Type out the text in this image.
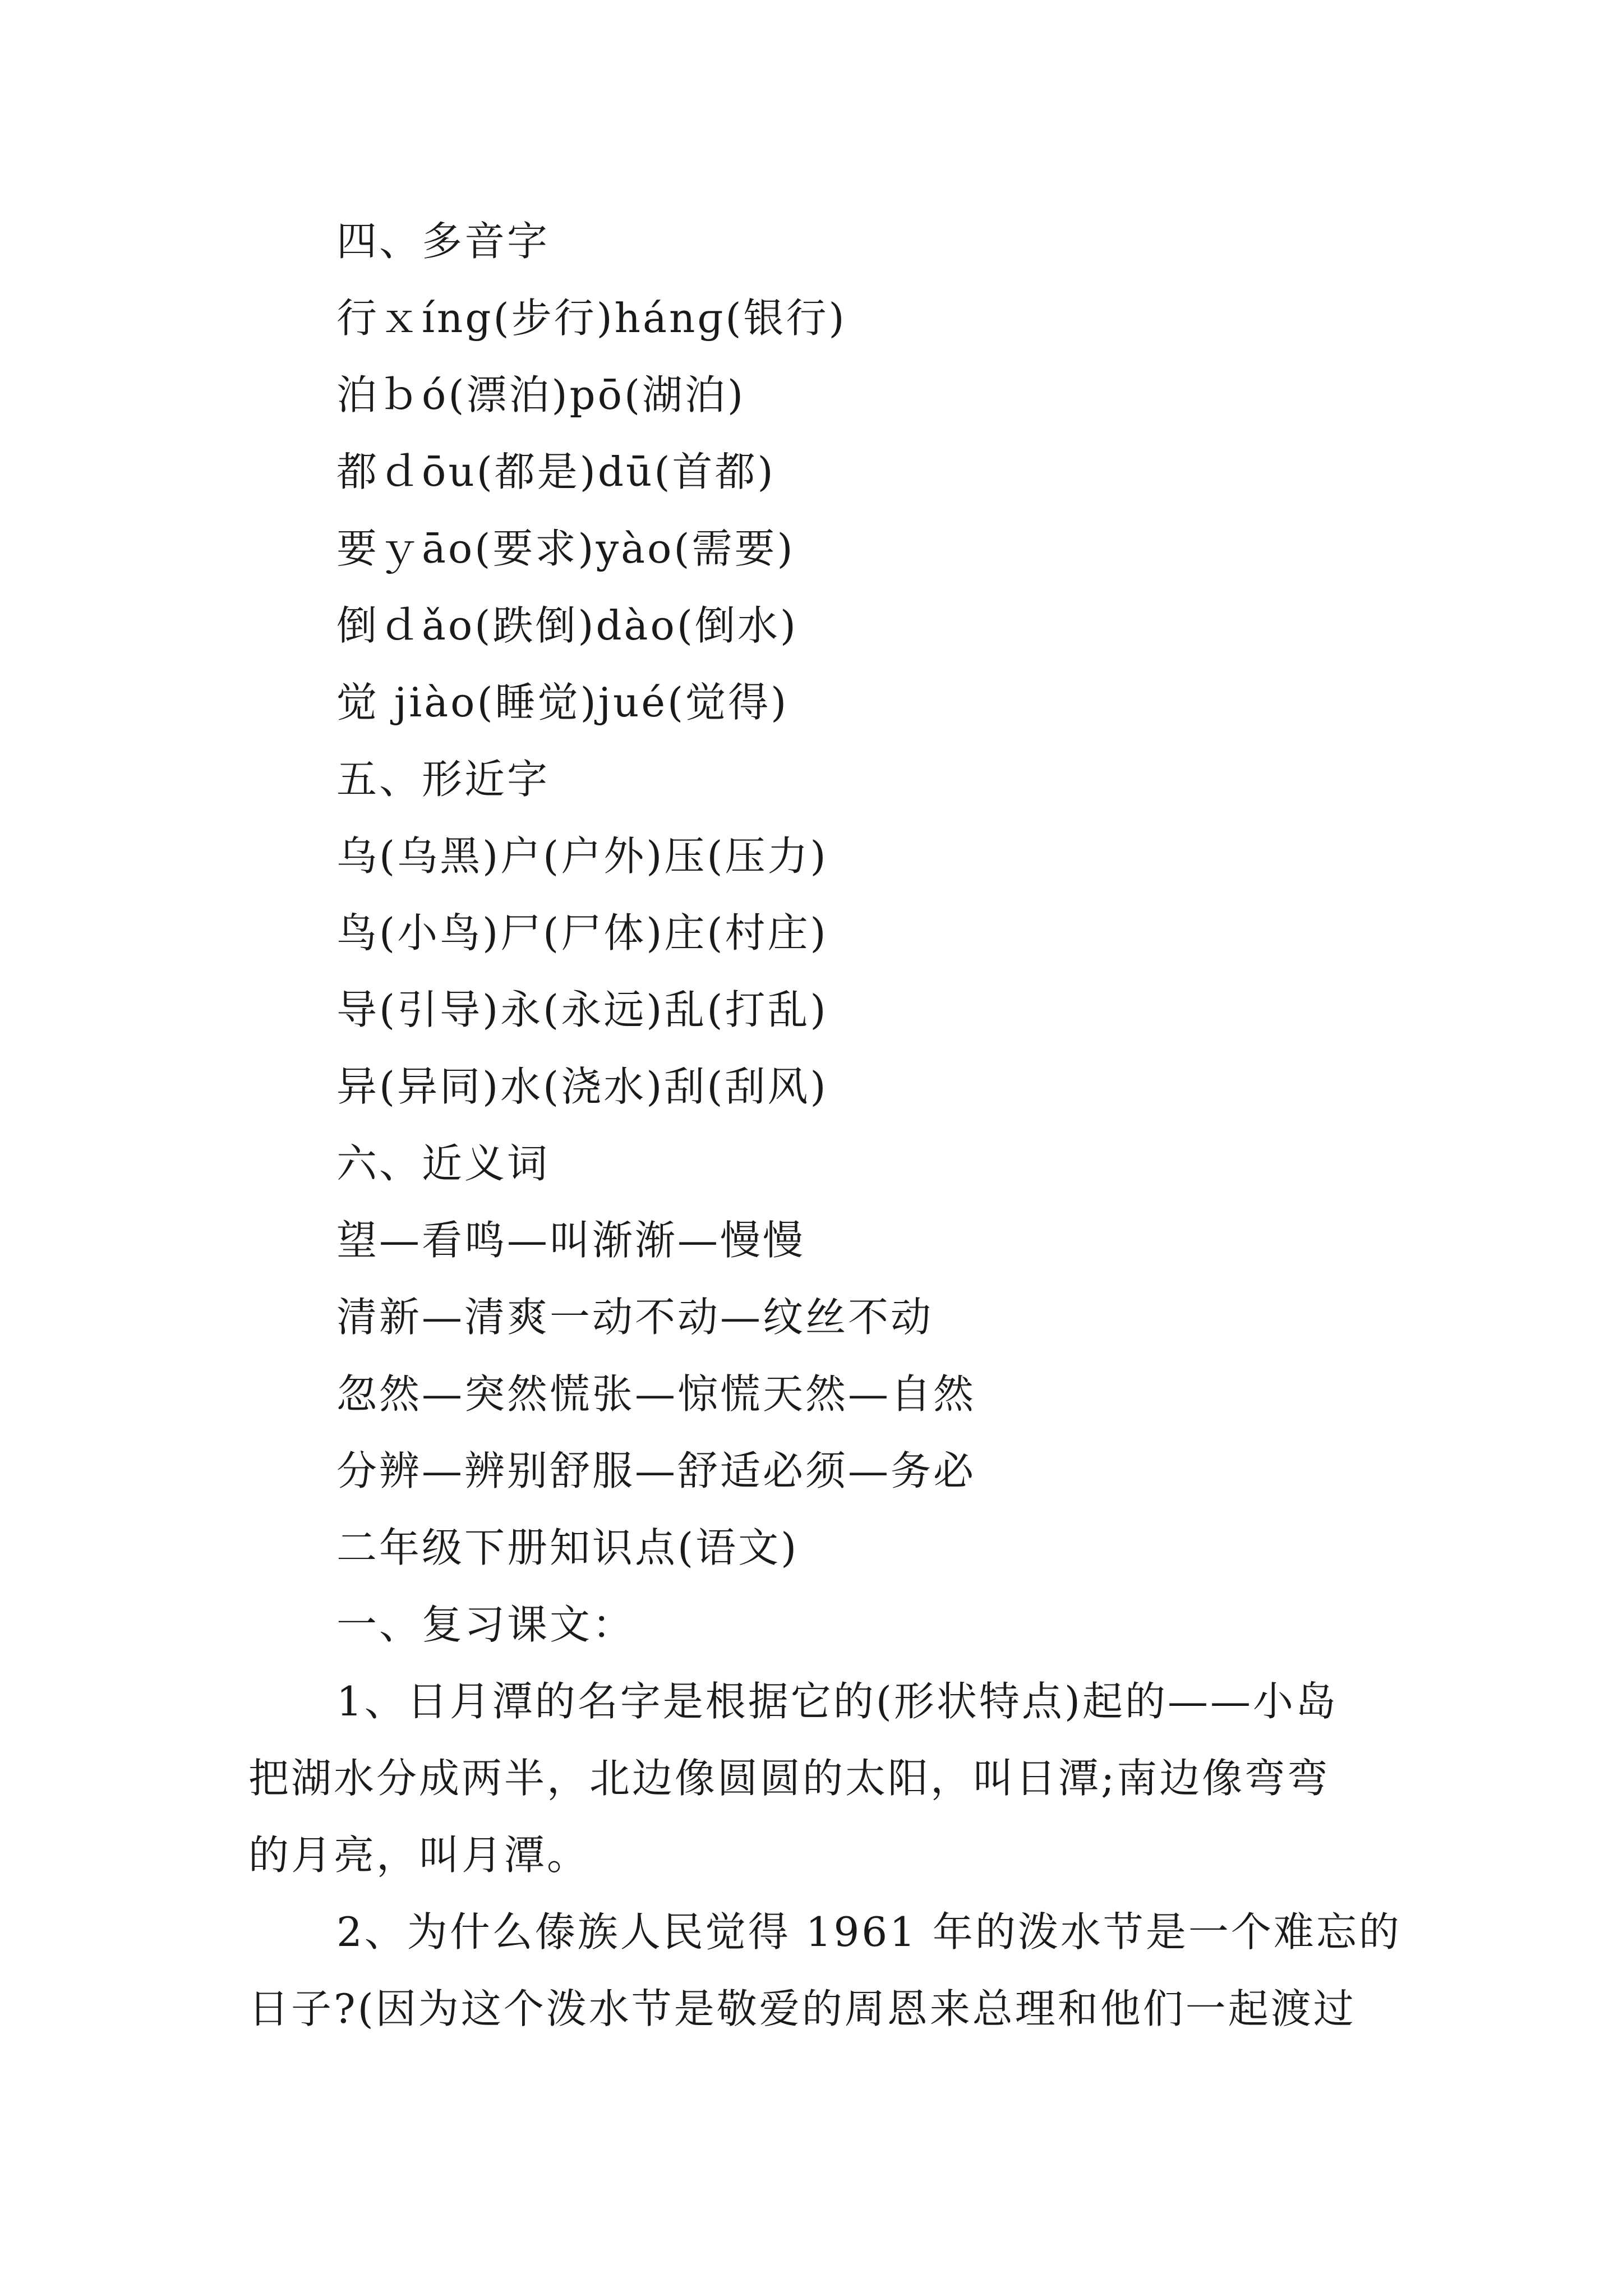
四、多音字
行ｘíng(步行)hánɡ(银行)
泊ｂó(漂泊)pō(湖泊)
都ｄōu(都是)dū(首都)
要ｙāo(要求)yào(需要)
倒ｄǎo(跌倒)dào(倒水)
觉 jiào(睡觉)jué(觉得)
五、形近字
乌(乌黑)户(户外)压(压力)
鸟(小鸟)尸(尸体)庄(村庄)
导(引导)永(永远)乱(打乱)
异(异同)水(浇水)刮(刮风)
六、近义词
望—看鸣—叫渐渐—慢慢
清新—清爽一动不动—纹丝不动
忽然—突然慌张—惊慌天然—自然
分辨—辨别舒服—舒适必须—务必
二年级下册知识点(语文)
一、复习课文：
1、日月潭的名字是根据它的(形状特点)起的——小岛
把湖水分成两半，北边像圆圆的太阳，叫日潭;南边像弯弯
的月亮，叫月潭。
2、为什么傣族人民觉得 1961 年的泼水节是一个难忘的
日子?(因为这个泼水节是敬爱的周恩来总理和他们一起渡过
